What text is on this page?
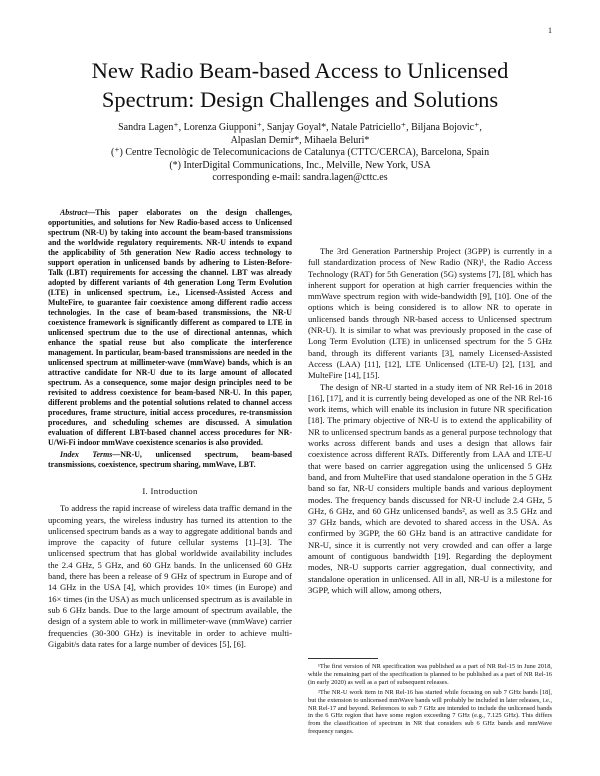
1
New Radio Beam-based Access to Unlicensed
Spectrum: Design Challenges and Solutions
Sandra Lagen⁺, Lorenza Giupponi⁺, Sanjay Goyal*, Natale Patriciello⁺, Biljana Bojovic⁺,
Alpaslan Demir*, Mihaela Beluri*
(⁺) Centre Tecnològic de Telecomunicacions de Catalunya (CTTC/CERCA), Barcelona, Spain
(*) InterDigital Communications, Inc., Melville, New York, USA
corresponding e-mail: sandra.lagen@cttc.es

Abstract—This paper elaborates on the design challenges, opportunities, and solutions for New Radio-based access to Unlicensed spectrum (NR-U) by taking into account the beam-based transmissions and the worldwide regulatory requirements. NR-U intends to expand the applicability of 5th generation New Radio access technology to support operation in unlicensed bands by adhering to Listen-Before-Talk (LBT) requirements for accessing the channel. LBT was already adopted by different variants of 4th generation Long Term Evolution (LTE) in unlicensed spectrum, i.e., Licensed-Assisted Access and MulteFire, to guarantee fair coexistence among different radio access technologies. In the case of beam-based transmissions, the NR-U coexistence framework is significantly different as compared to LTE in unlicensed spectrum due to the use of directional antennas, which enhance the spatial reuse but also complicate the interference management. In particular, beam-based transmissions are needed in the unlicensed spectrum at millimeter-wave (mmWave) bands, which is an attractive candidate for NR-U due to its large amount of allocated spectrum. As a consequence, some major design principles need to be revisited to address coexistence for beam-based NR-U. In this paper, different problems and the potential solutions related to channel access procedures, frame structure, initial access procedures, re-transmission procedures, and scheduling schemes are discussed. A simulation evaluation of different LBT-based channel access procedures for NR-U/Wi-Fi indoor mmWave coexistence scenarios is also provided.

Index Terms—NR-U, unlicensed spectrum, beam-based transmissions, coexistence, spectrum sharing, mmWave, LBT.

I. Introduction

To address the rapid increase of wireless data traffic demand in the upcoming years, the wireless industry has turned its attention to the unlicensed spectrum bands as a way to aggregate additional bands and improve the capacity of future cellular systems [1]–[3]. The unlicensed spectrum that has global worldwide availability includes the 2.4 GHz, 5 GHz, and 60 GHz bands. In the unlicensed 60 GHz band, there has been a release of 9 GHz of spectrum in Europe and of 14 GHz in the USA [4], which provides 10× times (in Europe) and 16× times (in the USA) as much unlicensed spectrum as is available in sub 6 GHz bands. Due to the large amount of spectrum available, the design of a system able to work in millimeter-wave (mmWave) carrier frequencies (30-300 GHz) is inevitable in order to achieve multi-Gigabit/s data rates for a large number of devices [5], [6].

The 3rd Generation Partnership Project (3GPP) is currently in a full standardization process of New Radio (NR)¹, the Radio Access Technology (RAT) for 5th Generation (5G) systems [7], [8], which has inherent support for operation at high carrier frequencies within the mmWave spectrum region with wide-bandwidth [9], [10]. One of the options which is being considered is to allow NR to operate in unlicensed bands through NR-based access to Unlicensed spectrum (NR-U). It is similar to what was previously proposed in the case of Long Term Evolution (LTE) in unlicensed spectrum for the 5 GHz band, through its different variants [3], namely Licensed-Assisted Access (LAA) [11], [12], LTE Unlicensed (LTE-U) [2], [13], and MulteFire [14], [15].

The design of NR-U started in a study item of NR Rel-16 in 2018 [16], [17], and it is currently being developed as one of the NR Rel-16 work items, which will enable its inclusion in future NR specification [18]. The primary objective of NR-U is to extend the applicability of NR to unlicensed spectrum bands as a general purpose technology that works across different bands and uses a design that allows fair coexistence across different RATs. Differently from LAA and LTE-U that were based on carrier aggregation using the unlicensed 5 GHz band, and from MulteFire that used standalone operation in the 5 GHz band so far, NR-U considers multiple bands and various deployment modes. The frequency bands discussed for NR-U include 2.4 GHz, 5 GHz, 6 GHz, and 60 GHz unlicensed bands², as well as 3.5 GHz and 37 GHz bands, which are devoted to shared access in the USA. As confirmed by 3GPP, the 60 GHz band is an attractive candidate for NR-U, since it is currently not very crowded and can offer a large amount of contiguous bandwidth [19]. Regarding the deployment modes, NR-U supports carrier aggregation, dual connectivity, and standalone operation in unlicensed. All in all, NR-U is a milestone for 3GPP, which will allow, among others,

¹The first version of NR specification was published as a part of NR Rel-15 in June 2018, while the remaining part of the specification is planned to be published as a part of NR Rel-16 (in early 2020) as well as a part of subsequent releases.

²The NR-U work item in NR Rel-16 has started while focusing on sub 7 GHz bands [18], but the extension to unlicensed mmWave bands will probably be included in later releases, i.e., NR Rel-17 and beyond. References to sub 7 GHz are intended to include the unlicensed bands in the 6 GHz region that have some region exceeding 7 GHz (e.g., 7.125 GHz). This differs from the classification of spectrum in NR that considers sub 6 GHz bands and mmWave frequency ranges.
